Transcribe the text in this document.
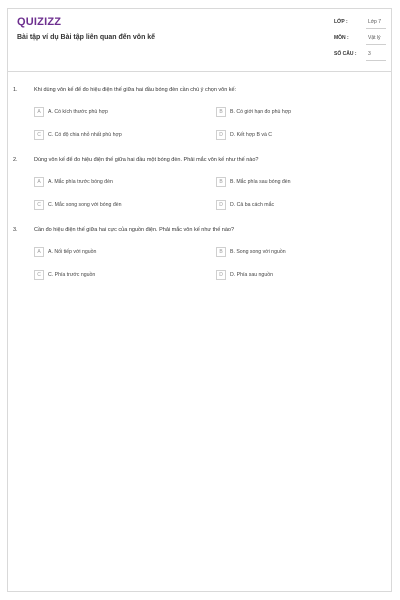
QUIZIZZ
Bài tập ví dụ Bài tập liên quan đến vôn kế
LỚP :	Lớp 7
MÔN :	Vật lý
SỐ CÂU : 3
1.	Khi dùng vôn kế để đo hiệu điện thế giữa hai đầu bóng đèn cần chú ý chọn vôn kế:
A	A. Có kích thước phù hợp	B	B. Có giới hạn đo phù hợp
C	C. Có độ chia nhỏ nhất phù hợp	D	D. Kết hợp B và C
2.	Dùng vôn kế để đo hiệu điện thế giữa hai đầu một bóng đèn. Phải mắc vôn kế như thế nào?
A	A. Mắc phía trước bóng đèn	B	B. Mắc phía sau bóng đèn
C	C. Mắc song song với bóng đèn	D	D. Cả ba cách mắc
3.	Cần đo hiệu điện thế giữa hai cực của nguồn điện. Phải mắc vôn kế như thế nào?
A	A. Nối tiếp với nguồn	B	B. Song song với nguồn
C	C. Phía trước nguồn	D	D. Phía sau nguồn
